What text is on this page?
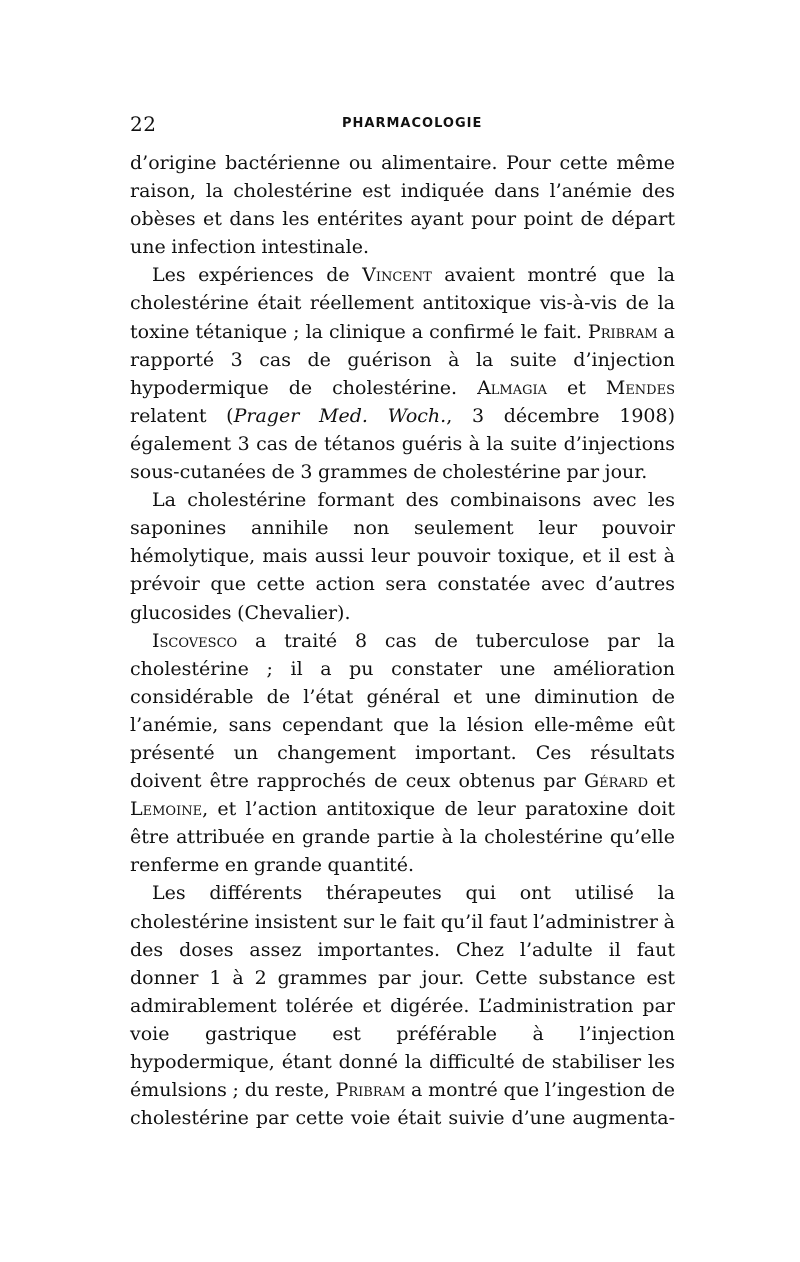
22	PHARMACOLOGIE

d’origine bactérienne ou alimentaire. Pour cette même raison, la cholestérine est indiquée dans l’anémie des obèses et dans les entérites ayant pour point de départ une infection intestinale.

Les expériences de Vincent avaient montré que la cholestérine était réellement antitoxique vis-à-vis de la toxine tétanique ; la clinique a confirmé le fait. Pribram a rapporté 3 cas de guérison à la suite d’injection hypodermique de cholestérine. Almagia et Mendes relatent (Prager Med. Woch., 3 décembre 1908) également 3 cas de tétanos guéris à la suite d’injections sous-cutanées de 3 grammes de cholestérine par jour.

La cholestérine formant des combinaisons avec les saponines annihile non seulement leur pouvoir hémolytique, mais aussi leur pouvoir toxique, et il est à prévoir que cette action sera constatée avec d’autres glucosides (Chevalier).

Iscovesco a traité 8 cas de tuberculose par la cholestérine ; il a pu constater une amélioration considérable de l’état général et une diminution de l’anémie, sans cependant que la lésion elle-même eût présenté un changement important. Ces résultats doivent être rapprochés de ceux obtenus par Gérard et Lemoine, et l’action antitoxique de leur paratoxine doit être attribuée en grande partie à la cholestérine qu’elle renferme en grande quantité.

Les différents thérapeutes qui ont utilisé la cholestérine insistent sur le fait qu’il faut l’administrer à des doses assez importantes. Chez l’adulte il faut donner 1 à 2 grammes par jour. Cette substance est admirablement tolérée et digérée. L’administration par voie gastrique est préférable à l’injection hypodermique, étant donné la difficulté de stabiliser les émulsions ; du reste, Pribram a montré que l’ingestion de cholestérine par cette voie était suivie d’une augmenta-
